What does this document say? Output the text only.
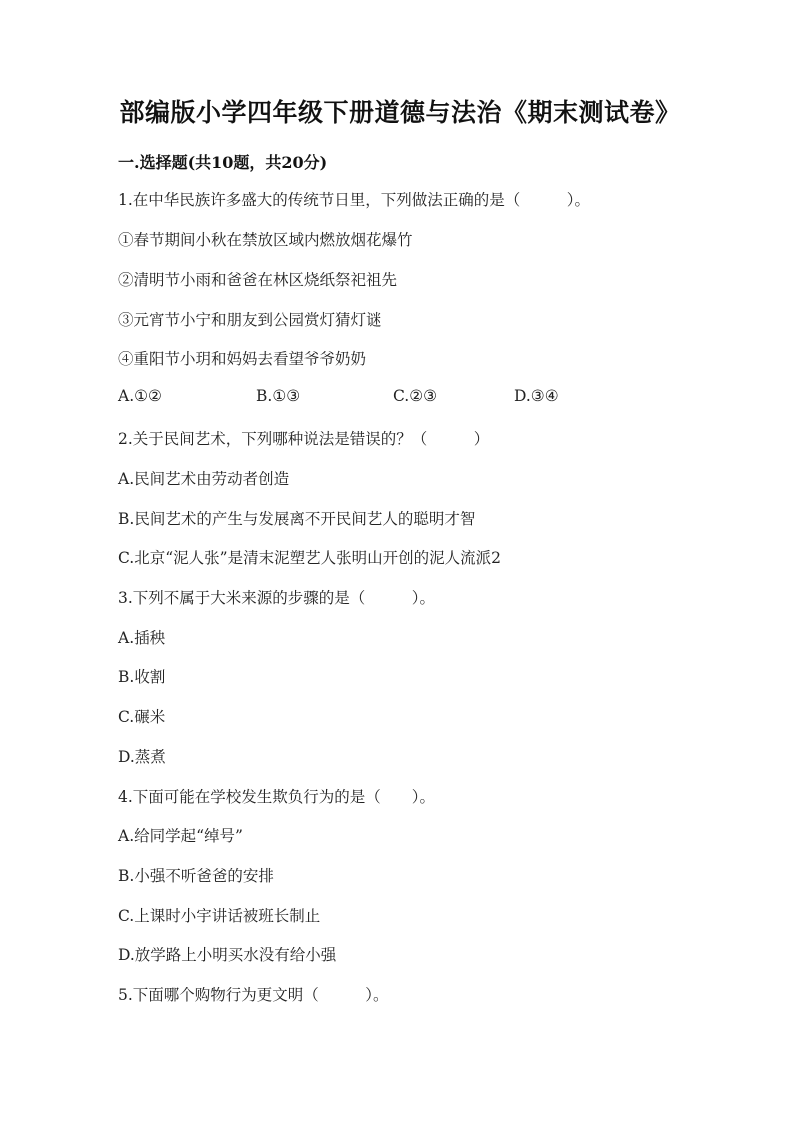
部编版小学四年级下册道德与法治《期末测试卷》
一.选择题(共10题，共20分)
1.在中华民族许多盛大的传统节日里，下列做法正确的是（　　　）。
①春节期间小秋在禁放区域内燃放烟花爆竹
②清明节小雨和爸爸在林区烧纸祭祀祖先
③元宵节小宁和朋友到公园赏灯猜灯谜
④重阳节小玥和妈妈去看望爷爷奶奶
A.①②	B.①③	C.②③	D.③④
2.关于民间艺术，下列哪种说法是错误的？（　　　）
A.民间艺术由劳动者创造
B.民间艺术的产生与发展离不开民间艺人的聪明才智
C.北京“泥人张”是清末泥塑艺人张明山开创的泥人流派2
3.下列不属于大米来源的步骤的是（　　　）。
A.插秧
B.收割
C.碾米
D.蒸煮
4.下面可能在学校发生欺负行为的是（　　）。
A.给同学起“绰号”
B.小强不听爸爸的安排
C.上课时小宇讲话被班长制止
D.放学路上小明买水没有给小强
5.下面哪个购物行为更文明（　　　）。
